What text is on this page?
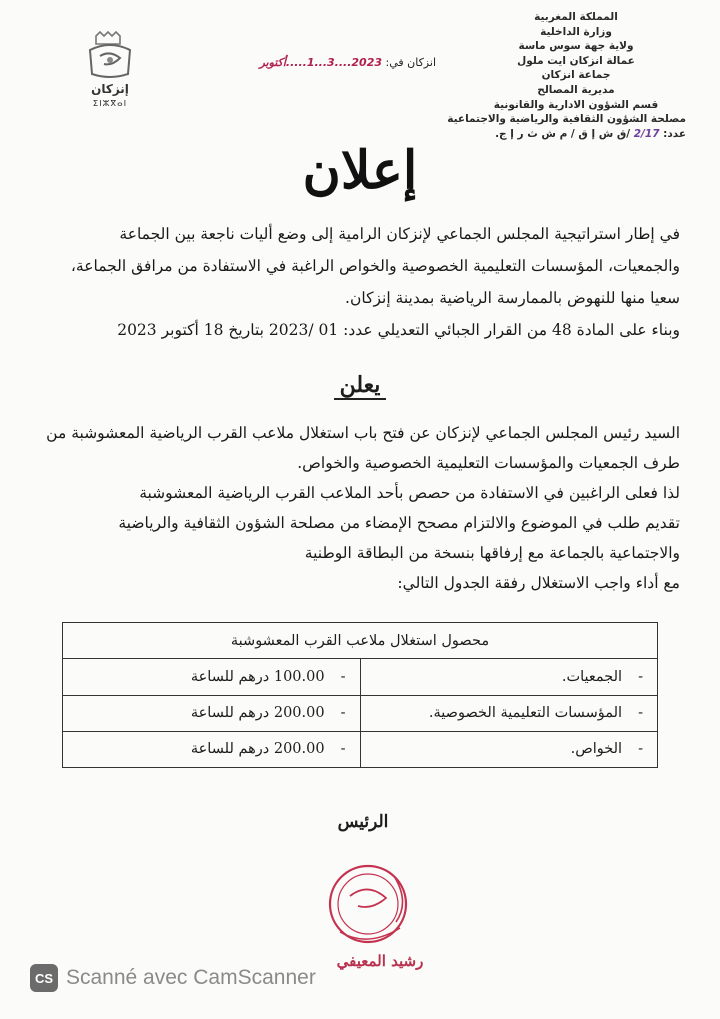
إنزكان
ⵉⵏⵣⴳⴰⵏ
المملكة المغربية
وزارة الداخلية
ولاية جهة سوس ماسة
عمالة انزكان ايت ملول
جماعة انزكان
مديرية المصالح
قسم الشؤون الادارية والقانونية
مصلحة الشؤون الثقافية والرياضية والاجتماعية
عدد: 2/17 /ق ش إ ق / م ش ث ر إ ج.
انزكان في: 2023....3...1.....أكتوبر
إعلان
في إطار استراتيجية المجلس الجماعي لإنزكان الرامية إلى وضع أليات ناجعة بين الجماعة
والجمعيات، المؤسسات التعليمية الخصوصية والخواص الراغبة في الاستفادة من مرافق الجماعة،
سعيا منها للنهوض بالممارسة الرياضية بمدينة إنزكان.
وبناء على المادة 48 من القرار الجبائي التعديلي عدد: 01 /2023 بتاريخ 18 أكتوبر 2023
يعلن
السيد رئيس المجلس الجماعي لإنزكان عن فتح باب استغلال ملاعب القرب الرياضية المعشوشبة من
طرف الجمعيات والمؤسسات التعليمية الخصوصية والخواص.
لذا فعلى الراغبين في الاستفادة من حصص بأحد الملاعب القرب الرياضية المعشوشبة
تقديم طلب في الموضوع والالتزام مصحح الإمضاء من مصلحة الشؤون الثقافية والرياضية
والاجتماعية بالجماعة مع إرفاقها بنسخة من البطاقة الوطنية
مع أداء واجب الاستغلال رفقة الجدول التالي:
محصول استغلال ملاعب القرب المعشوشبة	
-الجمعيات.	-100.00 درهم للساعة
-المؤسسات التعليمية الخصوصية.	-200.00 درهم للساعة
-الخواص.	-200.00 درهم للساعة
الرئيس
رشيد المعيفي
CS Scanné avec CamScanner
